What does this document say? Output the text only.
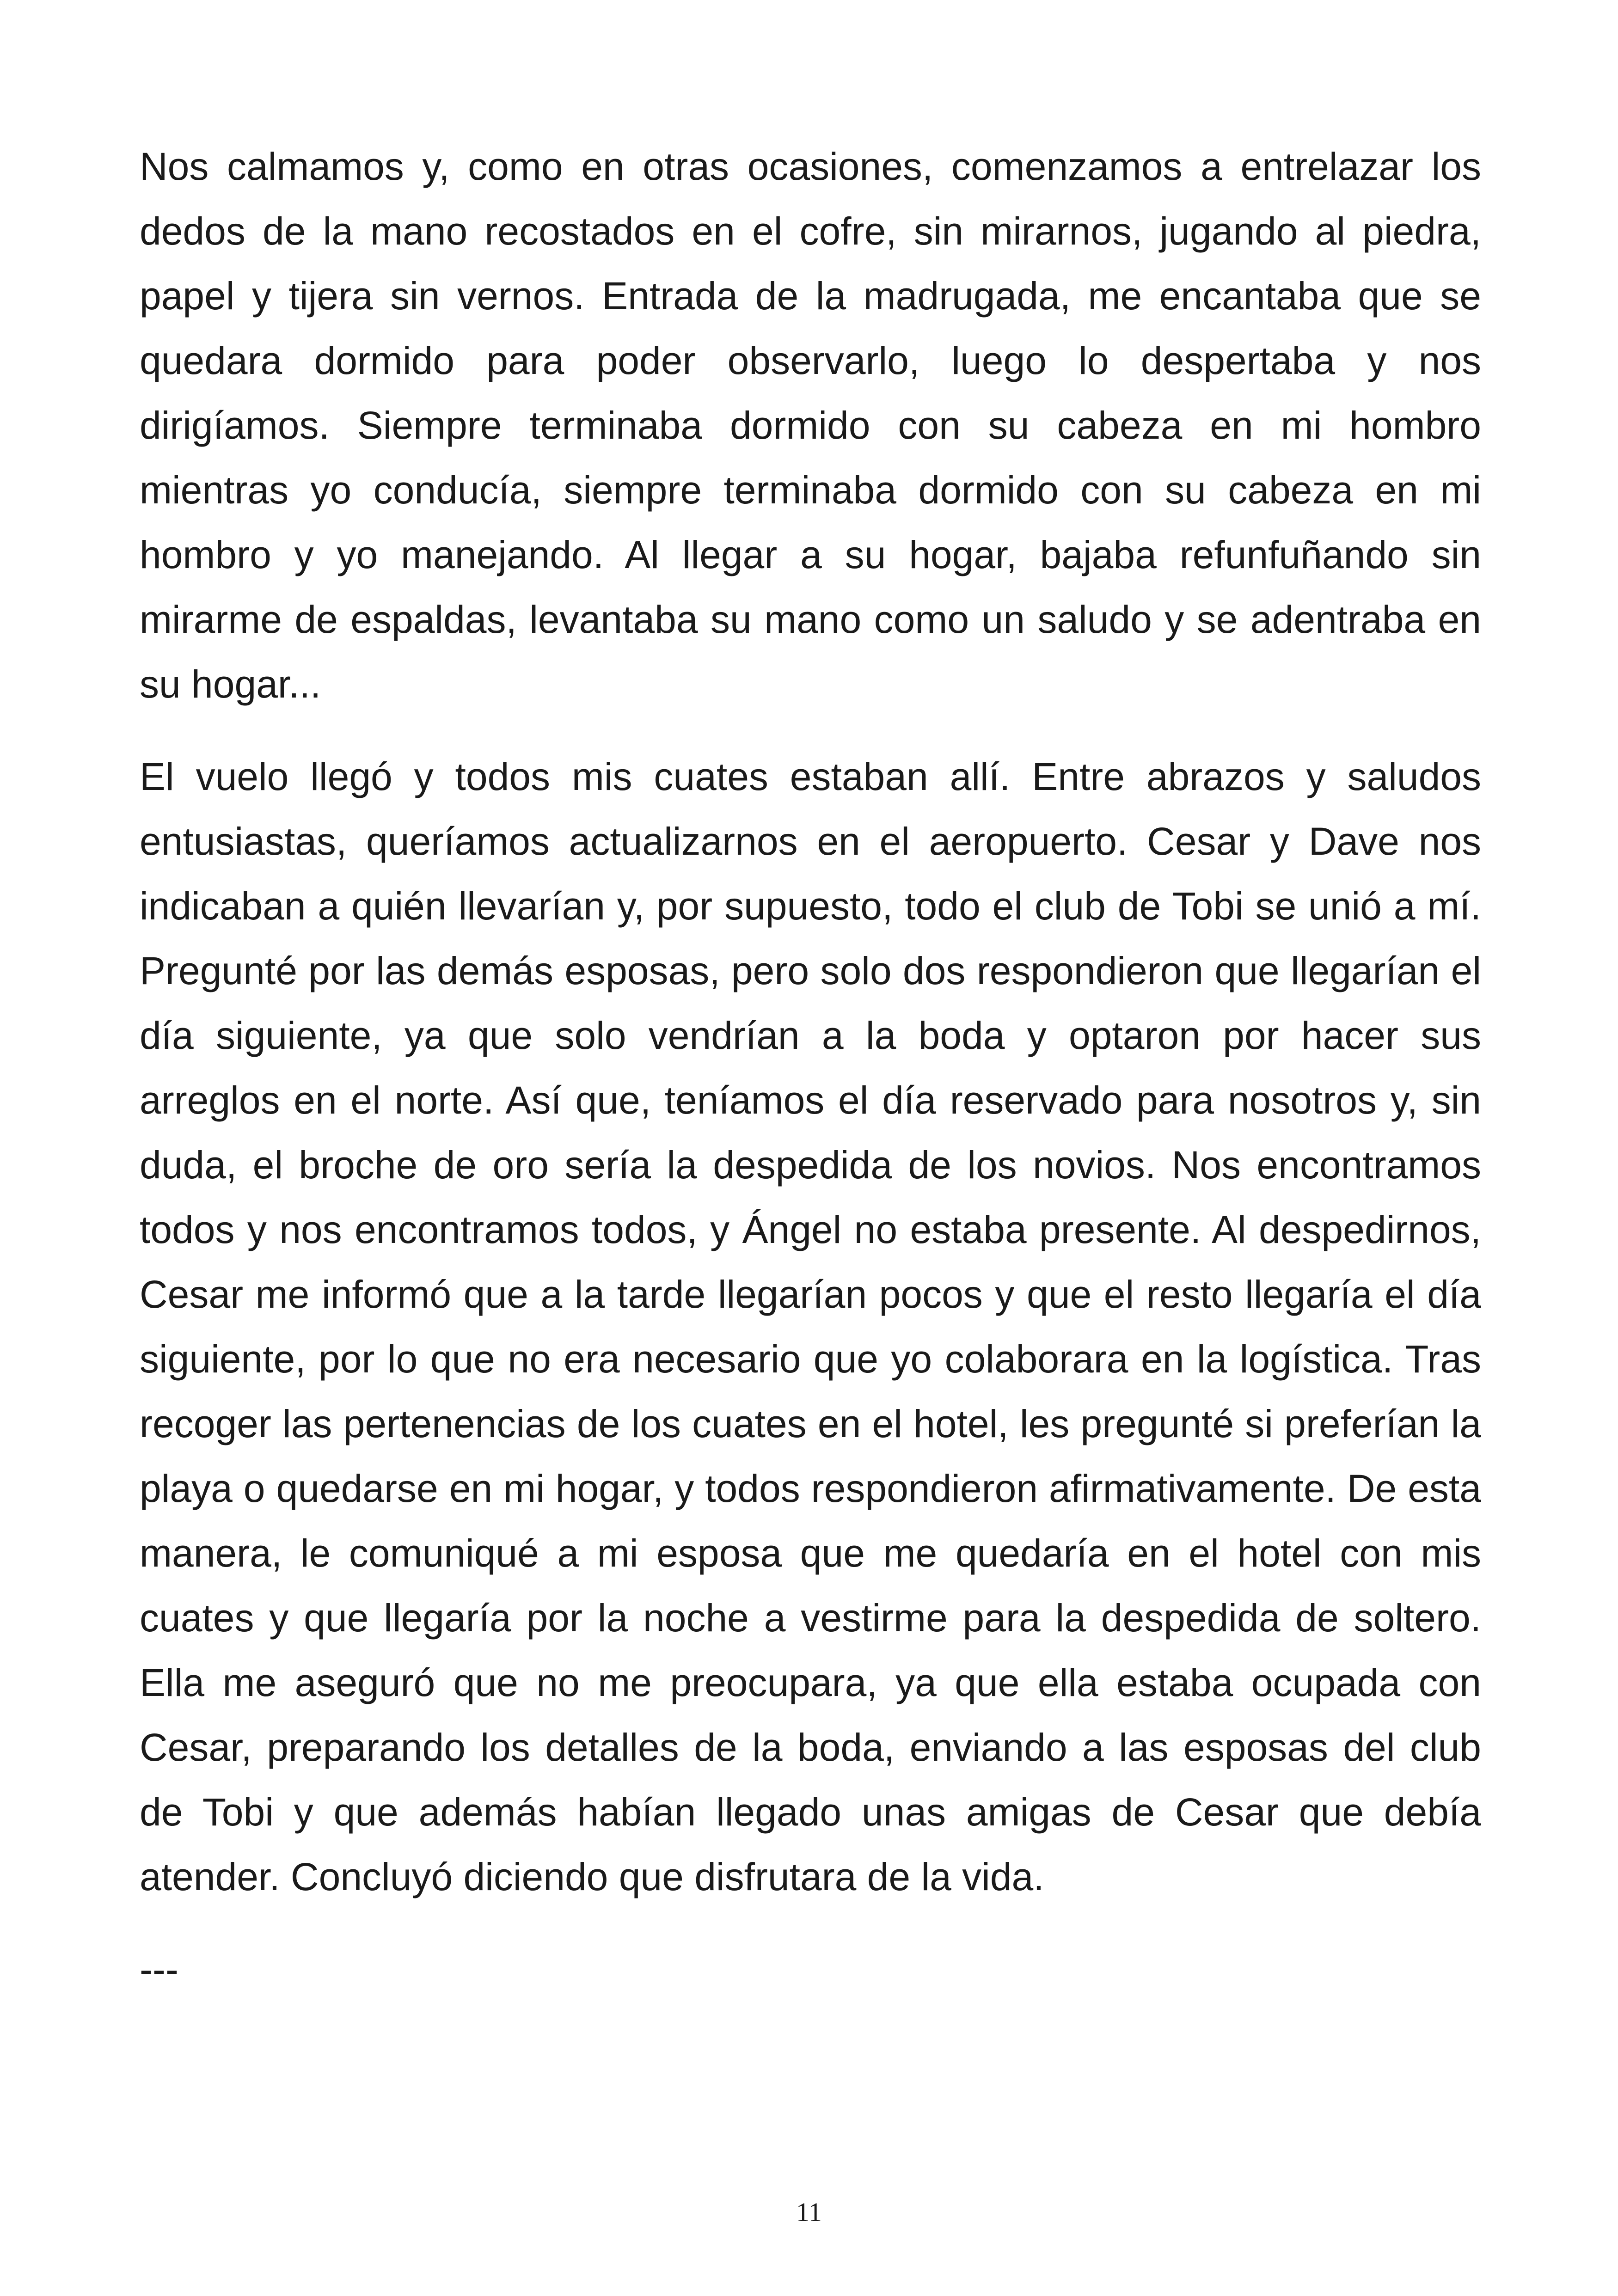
Nos calmamos y, como en otras ocasiones, comenzamos a entrelazar los dedos de la mano recostados en el cofre, sin mirarnos, jugando al piedra, papel y tijera sin vernos. Entrada de la madrugada, me encantaba que se quedara dormido para poder observarlo, luego lo despertaba y nos dirigíamos. Siempre terminaba dormido con su cabeza en mi hombro mientras yo conducía, siempre terminaba dormido con su cabeza en mi hombro y yo manejando. Al llegar a su hogar, bajaba refunfuñando sin mirarme de espaldas, levantaba su mano como un saludo y se adentraba en su hogar...

El vuelo llegó y todos mis cuates estaban allí. Entre abrazos y saludos entusiastas, queríamos actualizarnos en el aeropuerto. Cesar y Dave nos indicaban a quién llevarían y, por supuesto, todo el club de Tobi se unió a mí. Pregunté por las demás esposas, pero solo dos respondieron que llegarían el día siguiente, ya que solo vendrían a la boda y optaron por hacer sus arreglos en el norte. Así que, teníamos el día reservado para nosotros y, sin duda, el broche de oro sería la despedida de los novios. Nos encontramos todos y nos encontramos todos, y Ángel no estaba presente. Al despedirnos, Cesar me informó que a la tarde llegarían pocos y que el resto llegaría el día siguiente, por lo que no era necesario que yo colaborara en la logística. Tras recoger las pertenencias de los cuates en el hotel, les pregunté si preferían la playa o quedarse en mi hogar, y todos respondieron afirmativamente. De esta manera, le comuniqué a mi esposa que me quedaría en el hotel con mis cuates y que llegaría por la noche a vestirme para la despedida de soltero. Ella me aseguró que no me preocupara, ya que ella estaba ocupada con Cesar, preparando los detalles de la boda, enviando a las esposas del club de Tobi y que además habían llegado unas amigas de Cesar que debía atender. Concluyó diciendo que disfrutara de la vida.

---
11
